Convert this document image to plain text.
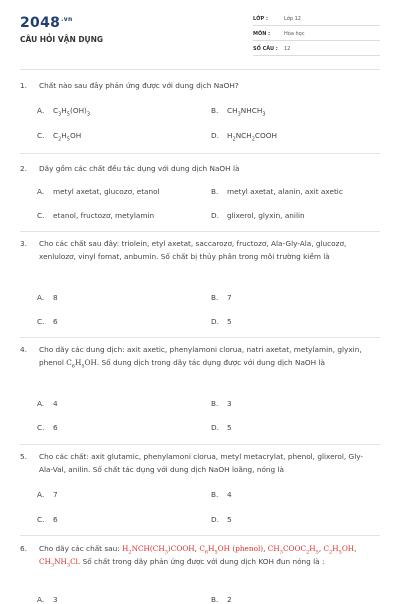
$2048^{.vn}$
CÂU HỎI VẬN DỤNG
LỚP :	Lớp 12
MÔN :	Hóa học
SỐ CÂU : 12
1. Chất nào sau đây phản ứng được với dung dịch NaOH?
A. $C_3H_5(OH)_3$	B. $CH_3NHCH_3$
C. $C_2H_5OH$	D. $H_2NCH_2COOH$
2. Dãy gồm các chất đều tác dụng với dung dịch NaOH là
A. metyl axetat, glucozơ, etanol	B. metyl axetat, alanin, axit axetic
C. etanol, fructozơ, metylamin	D. glixerol, glyxin, anilin
3. Cho các chất sau đây: triolein, etyl axetat, saccarozơ, fructozơ, Ala-Gly-Ala, glucozơ, xenlulozơ, vinyl fomat, anbumin. Số chất bị thủy phân trong môi trường kiềm là
A. 8	B. 7
C. 6	D. 5
4. Cho dãy các dung dịch: axit axetic, phenylamoni clorua, natri axetat, metylamin, glyxin, phenol $C_6H_5OH$. Số dung dịch trong dãy tác dụng được với dung dịch NaOH là
A. 4	B. 3
C. 6	D. 5
5. Cho các chất: axit glutamic, phenylamoni clorua, metyl metacrylat, phenol, glixerol, Gly-Ala-Val, anilin. Số chất tác dụng với dung dịch NaOH loãng, nóng là
A. 7	B. 4
C. 6	D. 5
6. Cho dãy các chất sau: $H_2NCH(CH_3)COOH$, $C_6H_5OH$ (phenol), $CH_3COOC_2H_5$, $C_2H_5OH$, $CH_3NH_3Cl$. Số chất trong dãy phản ứng được với dung dịch KOH đun nóng là :
A. 3	B. 2
